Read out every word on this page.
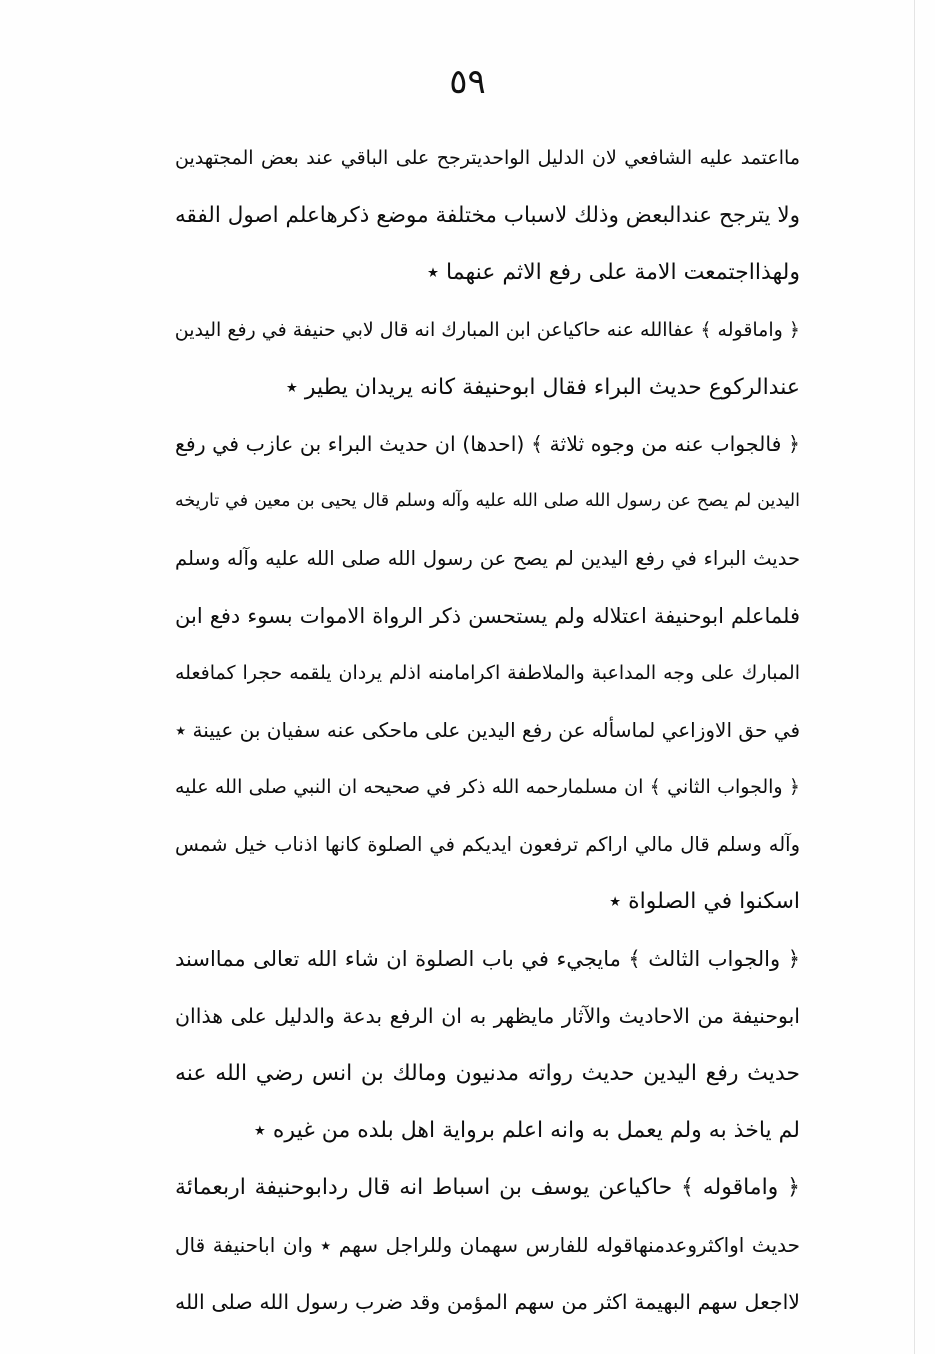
٥٩
مااعتمد عليه الشافعي لان الدليل الواحديترجح على الباقي عند بعض المجتهدين
ولا يترجح عندالبعض وذلك لاسباب مختلفة موضع ذكرهاعلم اصول الفقه
ولهذااجتمعت الامة على رفع الاثم عنهما ٭
﴿ واماقوله ﴾ عفاالله عنه حاكياعن ابن المبارك انه قال لابي حنيفة في رفع اليدين
عندالركوع حديث البراء فقال ابوحنيفة كانه يريدان يطير ٭
﴿ فالجواب عنه من وجوه ثلاثة ﴾ (احدها) ان حديث البراء بن عازب في رفع
اليدين لم يصح عن رسول الله صلى الله عليه وآله وسلم قال يحيى بن معين في تاريخه
حديث البراء في رفع اليدين لم يصح عن رسول الله صلى الله عليه وآله وسلم
فلماعلم ابوحنيفة اعتلاله ولم يستحسن ذكر الرواة الاموات بسوء دفع ابن
المبارك على وجه المداعبة والملاطفة اكرامامنه اذلم يردان يلقمه حجرا كمافعله
في حق الاوزاعي لماسأله عن رفع اليدين على ماحكى عنه سفيان بن عيينة ٭
﴿ والجواب الثاني ﴾ ان مسلمارحمه الله ذكر في صحيحه ان النبي صلى الله عليه
وآله وسلم قال مالي اراكم ترفعون ايديكم في الصلوة كانها اذناب خيل شمس
اسكنوا في الصلواة ٭
﴿ والجواب الثالث ﴾ مايجيء في باب الصلوة ان شاء الله تعالى ممااسند
ابوحنيفة من الاحاديث والآثار مايظهر به ان الرفع بدعة والدليل على هذاان
حديث رفع اليدين حديث رواته مدنيون ومالك بن انس رضي الله عنه
لم ياخذ به ولم يعمل به وانه اعلم برواية اهل بلده من غيره ٭
﴿ واماقوله ﴾ حاكياعن يوسف بن اسباط انه قال ردابوحنيفة اربعمائة
حديث اواكثروعدمنهاقوله للفارس سهمان وللراجل سهم ٭ وان اباحنيفة قال
لااجعل سهم البهيمة اكثر من سهم المؤمن وقد ضرب رسول الله صلى الله
